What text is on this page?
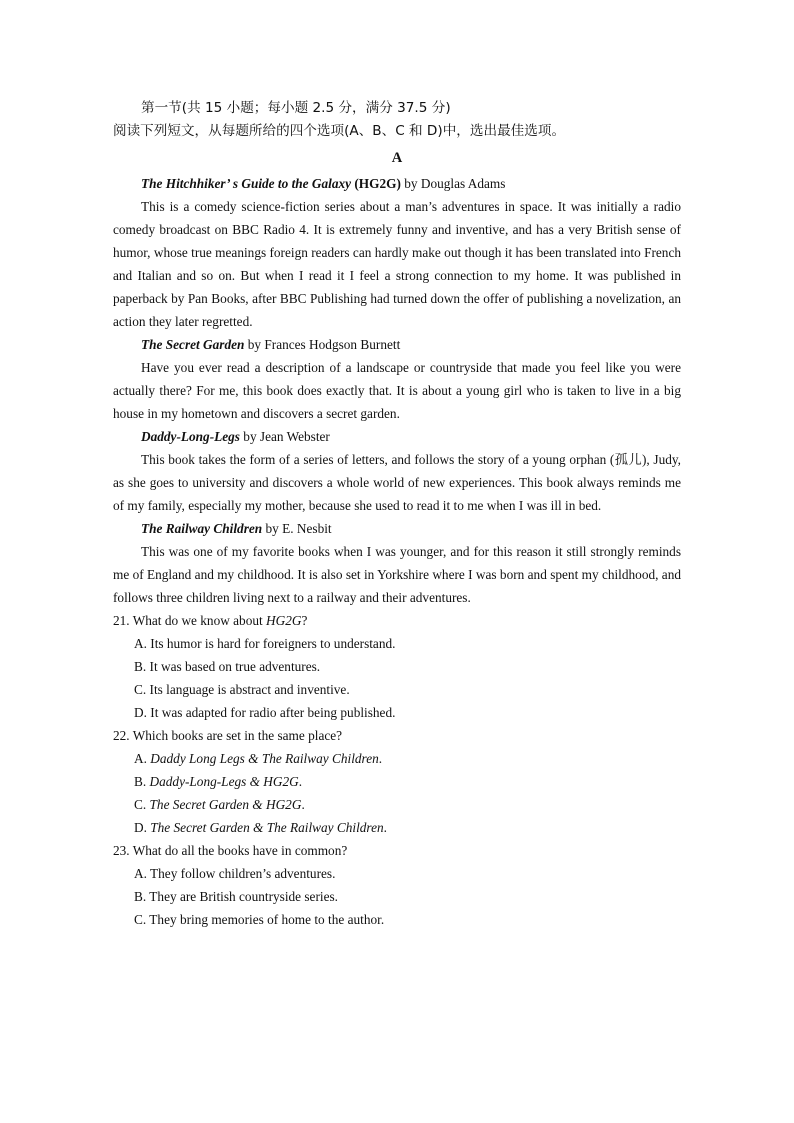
第一节(共 15 小题；每小题 2.5 分，满分 37.5 分)
阅读下列短文，从每题所给的四个选项(A、B、C 和 D)中，选出最佳选项。
A
The Hitchhiker’ s Guide to the Galaxy (HG2G) by Douglas Adams
This is a comedy science-fiction series about a man’s adventures in space. It was initially a radio comedy broadcast on BBC Radio 4. It is extremely funny and inventive, and has a very British sense of humor, whose true meanings foreign readers can hardly make out though it has been translated into French and Italian and so on. But when I read it I feel a strong connection to my home. It was published in paperback by Pan Books, after BBC Publishing had turned down the offer of publishing a novelization, an action they later regretted.
The Secret Garden by Frances Hodgson Burnett
Have you ever read a description of a landscape or countryside that made you feel like you were actually there? For me, this book does exactly that. It is about a young girl who is taken to live in a big house in my hometown and discovers a secret garden.
Daddy-Long-Legs by Jean Webster
This book takes the form of a series of letters, and follows the story of a young orphan (孤儿), Judy, as she goes to university and discovers a whole world of new experiences. This book always reminds me of my family, especially my mother, because she used to read it to me when I was ill in bed.
The Railway Children by E. Nesbit
This was one of my favorite books when I was younger, and for this reason it still strongly reminds me of England and my childhood. It is also set in Yorkshire where I was born and spent my childhood, and follows three children living next to a railway and their adventures.
21. What do we know about HG2G?
A. Its humor is hard for foreigners to understand.
B. It was based on true adventures.
C. Its language is abstract and inventive.
D. It was adapted for radio after being published.
22. Which books are set in the same place?
A. Daddy Long Legs & The Railway Children.
B. Daddy-Long-Legs & HG2G.
C. The Secret Garden & HG2G.
D. The Secret Garden & The Railway Children.
23. What do all the books have in common?
A. They follow children’s adventures.
B. They are British countryside series.
C. They bring memories of home to the author.
